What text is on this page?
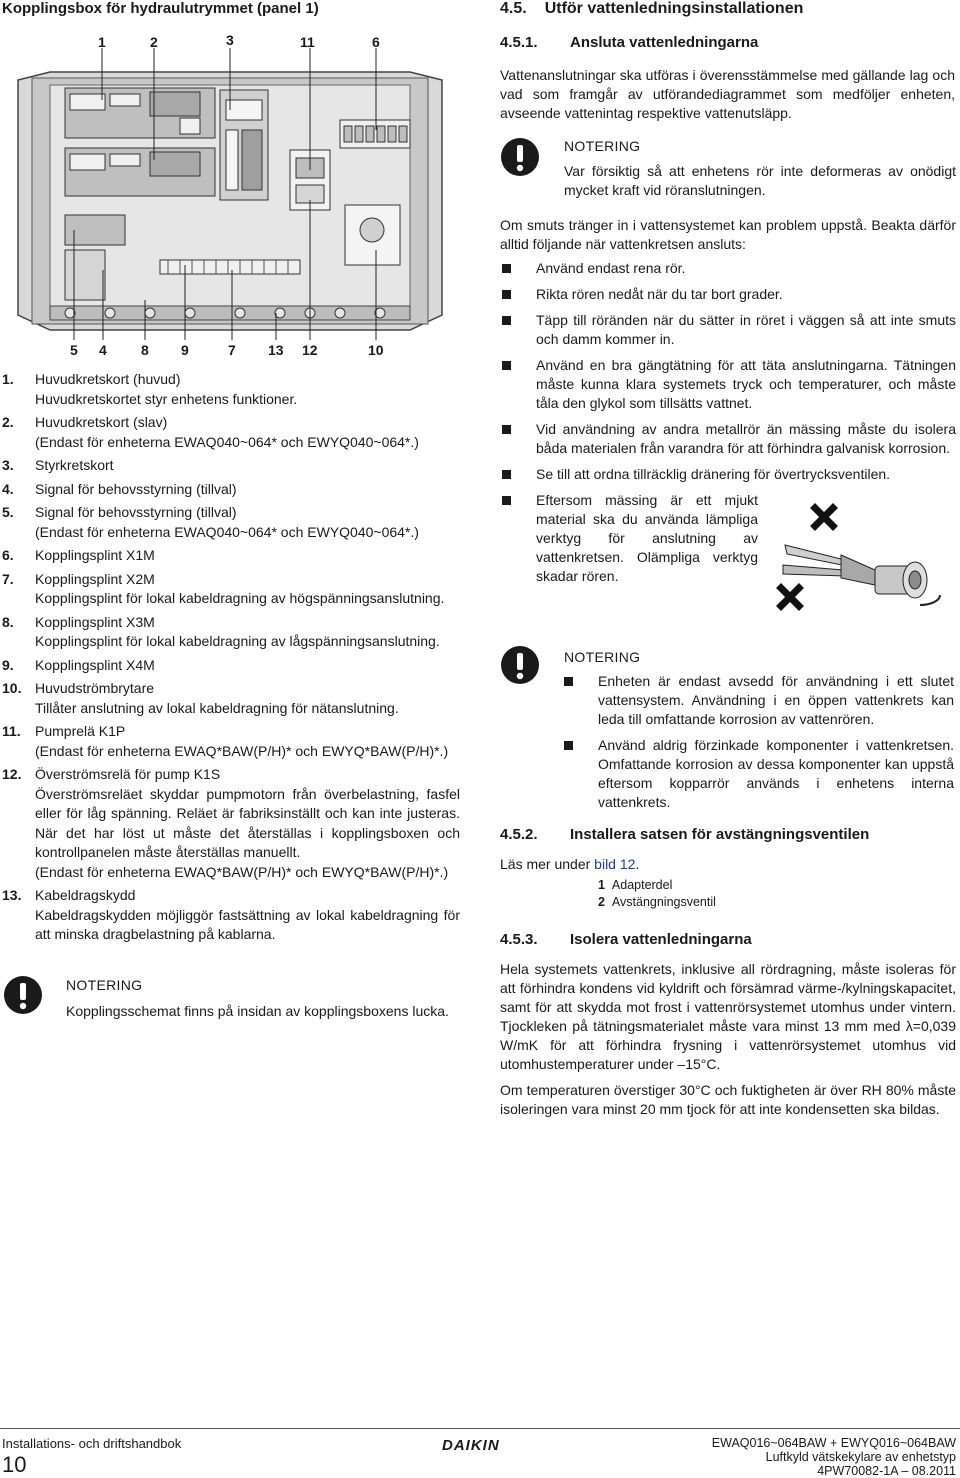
Kopplingsbox för hydraulutrymmet (panel 1)
1	2	3	11	6
5 4 8 9	7 13 12	10
1. Huvudkretskort (huvud)
Huvudkretskortet styr enhetens funktioner.
2. Huvudkretskort (slav)
(Endast för enheterna EWAQ040~064* och EWYQ040~064*.)
3. Styrkretskort
4. Signal för behovsstyrning (tillval)
5. Signal för behovsstyrning (tillval)
(Endast för enheterna EWAQ040~064* och EWYQ040~064*.)
6. Kopplingsplint X1M
7. Kopplingsplint X2M
Kopplingsplint för lokal kabeldragning av högspänningsanslutning.
8. Kopplingsplint X3M
Kopplingsplint för lokal kabeldragning av lågspänningsanslutning.
9. Kopplingsplint X4M
10. Huvudströmbrytare
Tillåter anslutning av lokal kabeldragning för nätanslutning.
11. Pumprelä K1P
(Endast för enheterna EWAQ*BAW(P/H)* och EWYQ*BAW(P/H)*.)
12. Överströmsrelä för pump K1S
Överströmsreläet skyddar pumpmotorn från överbelastning, fasfel eller för låg spänning. Reläet är fabriksinställt och kan inte justeras. När det har löst ut måste det återställas i kopplingsboxen och kontrollpanelen måste återställas manuellt.
(Endast för enheterna EWAQ*BAW(P/H)* och EWYQ*BAW(P/H)*.)
13. Kabeldragskydd
Kabeldragskydden möjliggör fastsättning av lokal kabeldragning för att minska dragbelastning på kablarna.
NOTERING
Kopplingsschemat finns på insidan av kopplingsboxens lucka.
4.5. Utför vattenledningsinstallationen
4.5.1. Ansluta vattenledningarna
Vattenanslutningar ska utföras i överensstämmelse med gällande lag och vad som framgår av utförandediagrammet som medföljer enheten, avseende vattenintag respektive vattenutsläpp.
NOTERING
Var försiktig så att enhetens rör inte deformeras av onödigt mycket kraft vid röranslutningen.
Om smuts tränger in i vattensystemet kan problem uppstå. Beakta därför alltid följande när vattenkretsen ansluts:
Använd endast rena rör.
Rikta rören nedåt när du tar bort grader.
Täpp till röränden när du sätter in röret i väggen så att inte smuts och damm kommer in.
Använd en bra gängtätning för att täta anslutningarna. Tätningen måste kunna klara systemets tryck och temperaturer, och måste tåla den glykol som tillsätts vattnet.
Vid användning av andra metallrör än mässing måste du isolera båda materialen från varandra för att förhindra galvanisk korrosion.
Se till att ordna tillräcklig dränering för övertrycksventilen.
Eftersom mässing är ett mjukt material ska du använda lämpliga verktyg för anslutning av vattenkretsen. Olämpliga verktyg skadar rören.
NOTERING
Enheten är endast avsedd för användning i ett slutet vattensystem. Användning i en öppen vattenkrets kan leda till omfattande korrosion av vattenrören.
Använd aldrig förzinkade komponenter i vattenkretsen. Omfattande korrosion av dessa komponenter kan uppstå eftersom kopparrör används i enhetens interna vattenkrets.
4.5.2. Installera satsen för avstängningsventilen
Läs mer under bild 12.
1 Adapterdel
2 Avstängningsventil
4.5.3. Isolera vattenledningarna
Hela systemets vattenkrets, inklusive all rördragning, måste isoleras för att förhindra kondens vid kyldrift och försämrad värme-/kylningskapacitet, samt för att skydda mot frost i vattenrörsystemet utomhus under vintern. Tjockleken på tätningsmaterialet måste vara minst 13 mm med λ=0,039 W/mK för att förhindra frysning i vattenrörsystemet utomhus vid utomhustemperaturer under –15°C.
Om temperaturen överstiger 30°C och fuktigheten är över RH 80% måste isoleringen vara minst 20 mm tjock för att inte kondensetten ska bildas.
Installations- och driftshandbok
10
DAIKIN	EWAQ016~064BAW + EWYQ016~064BAW
Luftkyld vätskekylare av enhetstyp
4PW70082-1A – 08.2011
